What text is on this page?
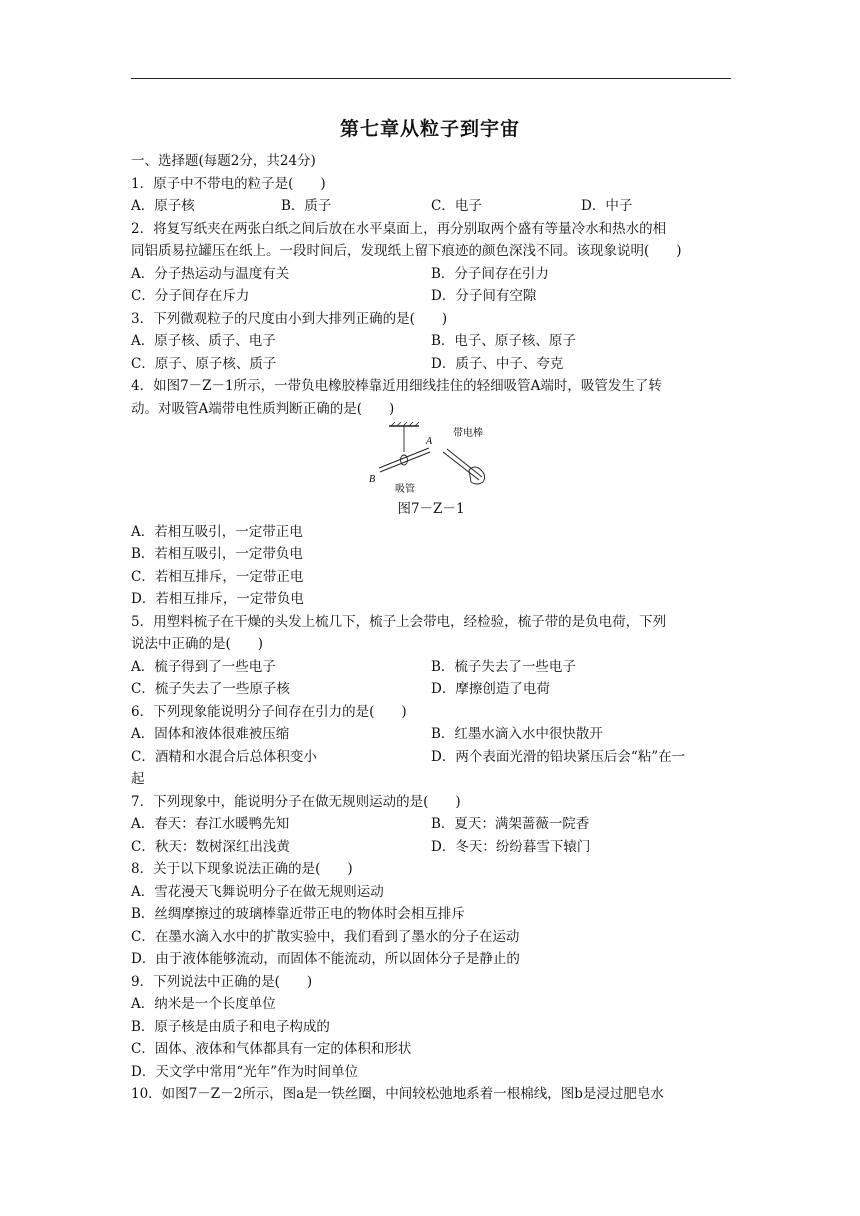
第七章从粒子到宇宙
一、选择题(每题2分，共24分)
1．原子中不带电的粒子是(　　)
A．原子核	B．质子	C．电子	D．中子
2．将复写纸夹在两张白纸之间后放在水平桌面上，再分别取两个盛有等量冷水和热水的相
同铝质易拉罐压在纸上。一段时间后，发现纸上留下痕迹的颜色深浅不同。该现象说明(　　)
A．分子热运动与温度有关	B．分子间存在引力
C．分子间存在斥力	D．分子间有空隙
3．下列微观粒子的尺度由小到大排列正确的是(　　)
A．原子核、质子、电子	B．电子、原子核、原子
C．原子、原子核、质子	D．质子、中子、夸克
4．如图7－Z－1所示，一带负电橡胶棒靠近用细线挂住的轻细吸管A端时，吸管发生了转
动。对吸管A端带电性质判断正确的是(　　)
A
B
带电棒
吸管
图7－Z－1
A．若相互吸引，一定带正电
B．若相互吸引，一定带负电
C．若相互排斥，一定带正电
D．若相互排斥，一定带负电
5．用塑料梳子在干燥的头发上梳几下，梳子上会带电，经检验，梳子带的是负电荷，下列
说法中正确的是(　　)
A．梳子得到了一些电子	B．梳子失去了一些电子
C．梳子失去了一些原子核	D．摩擦创造了电荷
6．下列现象能说明分子间存在引力的是(　　)
A．固体和液体很难被压缩	B．红墨水滴入水中很快散开
C．酒精和水混合后总体积变小	D．两个表面光滑的铅块紧压后会“粘”在一
起
7．下列现象中，能说明分子在做无规则运动的是(　　)
A．春天：春江水暖鸭先知	B．夏天：满架蔷薇一院香
C．秋天：数树深红出浅黄	D．冬天：纷纷暮雪下辕门
8．关于以下现象说法正确的是(　　)
A．雪花漫天飞舞说明分子在做无规则运动
B．丝绸摩擦过的玻璃棒靠近带正电的物体时会相互排斥
C．在墨水滴入水中的扩散实验中，我们看到了墨水的分子在运动
D．由于液体能够流动，而固体不能流动，所以固体分子是静止的
9．下列说法中正确的是(　　)
A．纳米是一个长度单位
B．原子核是由质子和电子构成的
C．固体、液体和气体都具有一定的体积和形状
D．天文学中常用“光年”作为时间单位
10．如图7－Z－2所示，图a是一铁丝圈，中间较松弛地系着一根棉线，图b是浸过肥皂水
